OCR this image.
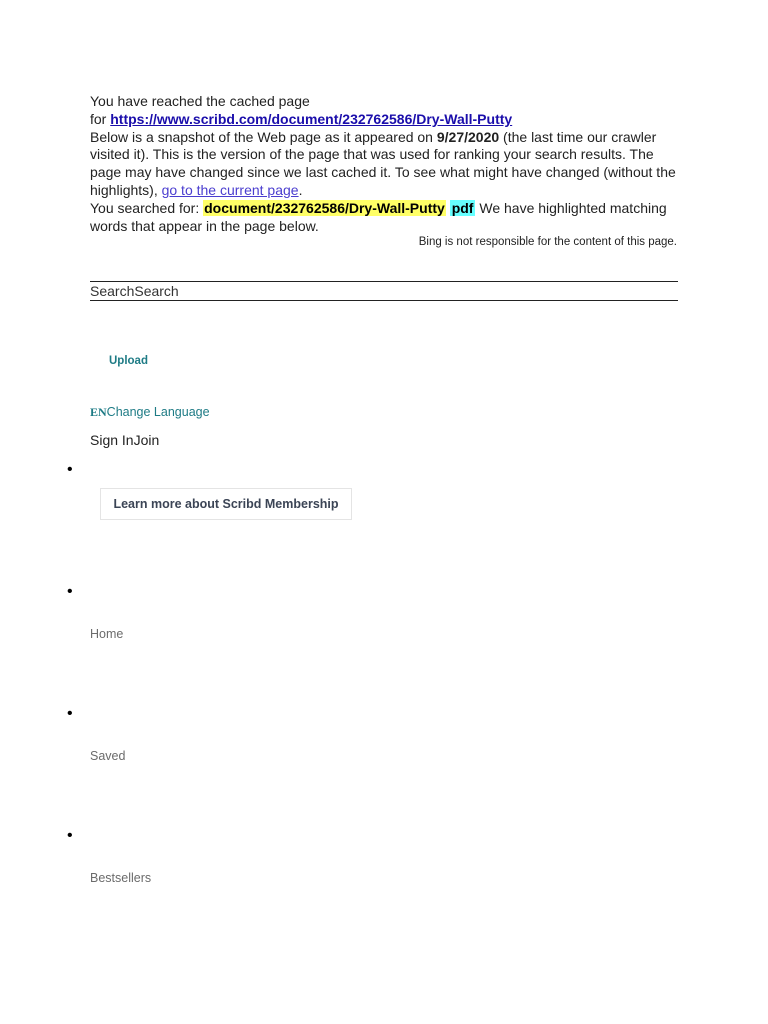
You have reached the cached page
for https://www.scribd.com/document/232762586/Dry-Wall-Putty
Below is a snapshot of the Web page as it appeared on 9/27/2020 (the last time our crawler visited it). This is the version of the page that was used for ranking your search results. The page may have changed since we last cached it. To see what might have changed (without the highlights), go to the current page.
You searched for: document/232762586/Dry-Wall-Putty pdf We have highlighted matching words that appear in the page below.
Bing is not responsible for the content of this page.
SearchSearch
Upload
ENChange Language
Sign InJoin
•
Learn more about Scribd Membership
•
Home
•
Saved
•
Bestsellers
